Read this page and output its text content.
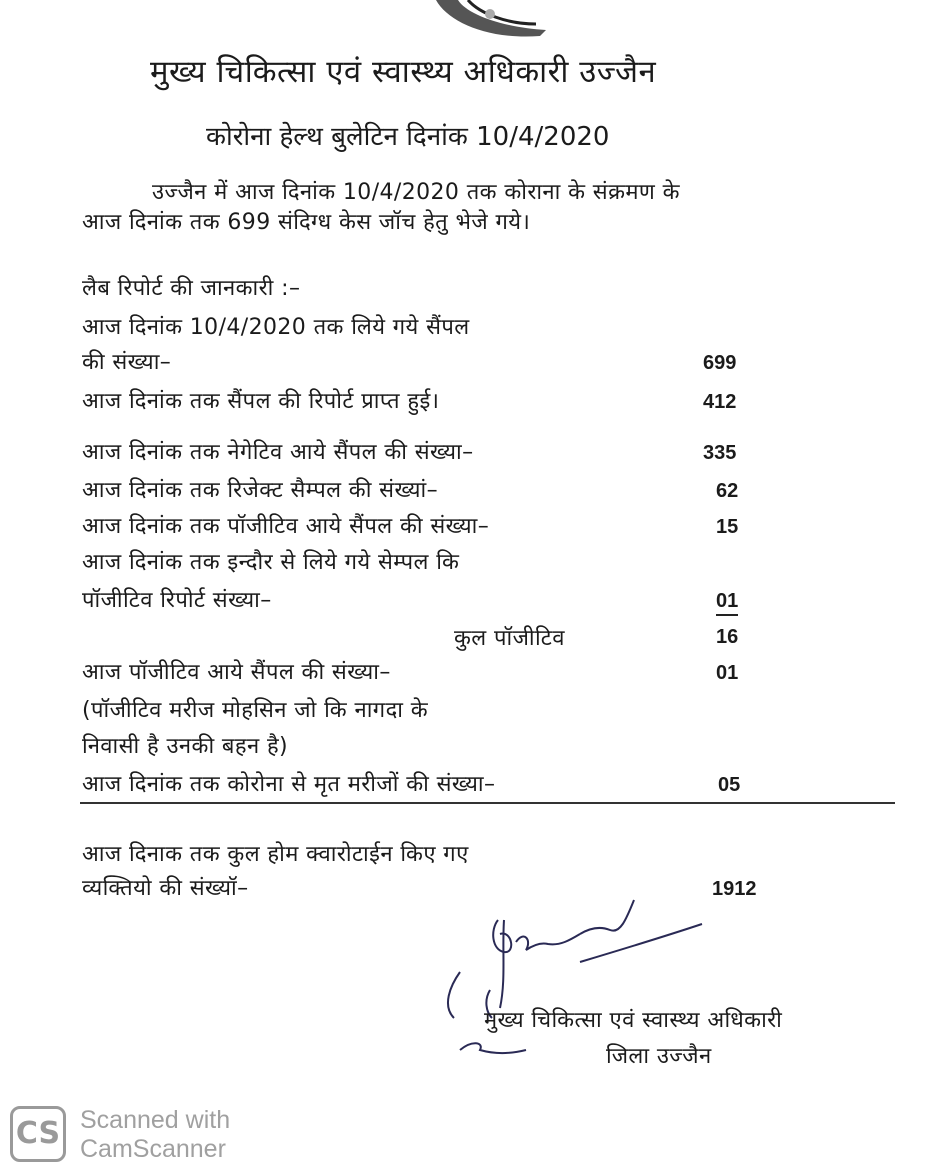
मुख्य चिकित्सा एवं स्वास्थ्य अधिकारी उज्जैन
कोरोना हेल्थ बुलेटिन दिनांक 10/4/2020
उज्जैन में आज दिनांक 10/4/2020 तक कोराना के संक्रमण के
आज दिनांक तक 699 संदिग्ध केस जॉच हेतु भेजे गये।
लैब रिपोर्ट की जानकारी :–
आज दिनांक 10/4/2020 तक लिये गये सैंपल
की संख्या–	699
आज दिनांक तक सैंपल की रिपोर्ट प्राप्त हुई।	412
आज दिनांक तक नेगेटिव आये सैंपल की संख्या–	335
आज दिनांक तक रिजेक्ट सैम्पल की संख्यां–	62
आज दिनांक तक पॉजीटिव आये सैंपल की संख्या–	15
आज दिनांक तक इन्दौर से लिये गये सेम्पल कि
पॉजीटिव रिपोर्ट संख्या–	01
कुल पॉजीटिव	16
आज पॉजीटिव आये सैंपल की संख्या–	01
(पॉजीटिव मरीज मोहसिन जो कि नागदा के
निवासी है उनकी बहन है)
आज दिनांक तक कोरोना से मृत मरीजों की संख्या–	05
आज दिनाक तक कुल होम क्वारोटाईन किए गए
व्यक्तियो की संख्यॉ–	1912
मुख्य चिकित्सा एवं स्वास्थ्य अधिकारी
जिला उज्जैन
CS Scanned with
CamScanner
